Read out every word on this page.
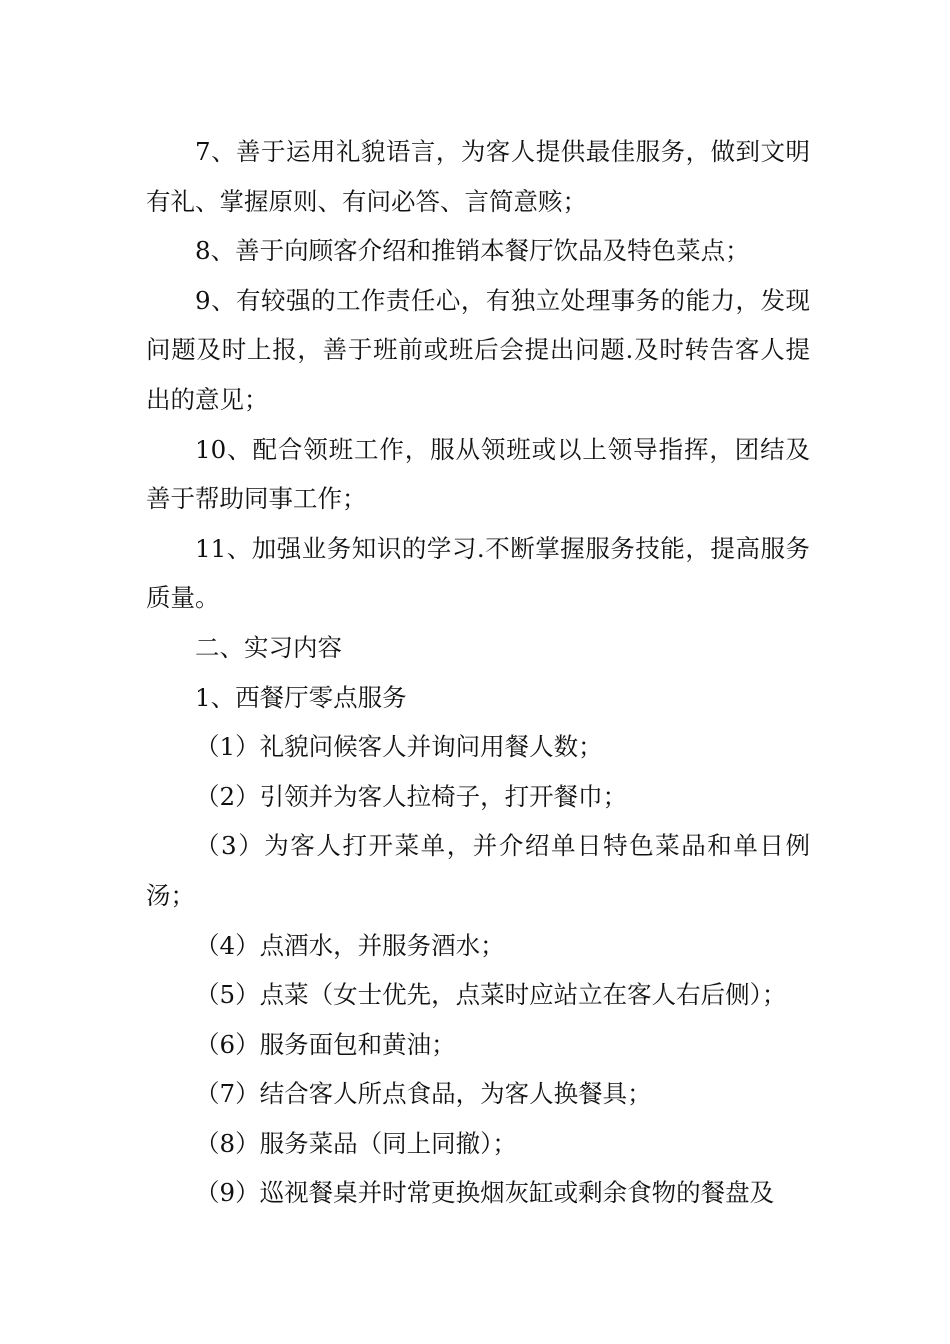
7、善于运用礼貌语言，为客人提供最佳服务，做到文明有礼、掌握原则、有问必答、言简意赅；

8、善于向顾客介绍和推销本餐厅饮品及特色菜点；

9、有较强的工作责任心，有独立处理事务的能力，发现问题及时上报，善于班前或班后会提出问题.及时转告客人提出的意见；

10、配合领班工作，服从领班或以上领导指挥，团结及善于帮助同事工作；

11、加强业务知识的学习.不断掌握服务技能，提高服务质量。

二、实习内容

1、西餐厅零点服务

（1）礼貌问候客人并询问用餐人数；

（2）引领并为客人拉椅子，打开餐巾；

（3）为客人打开菜单，并介绍单日特色菜品和单日例汤；

（4）点酒水，并服务酒水；

（5）点菜（女士优先，点菜时应站立在客人右后侧）；

（6）服务面包和黄油；

（7）结合客人所点食品，为客人换餐具；

（8）服务菜品（同上同撤）；

（9）巡视餐桌并时常更换烟灰缸或剩余食物的餐盘及
